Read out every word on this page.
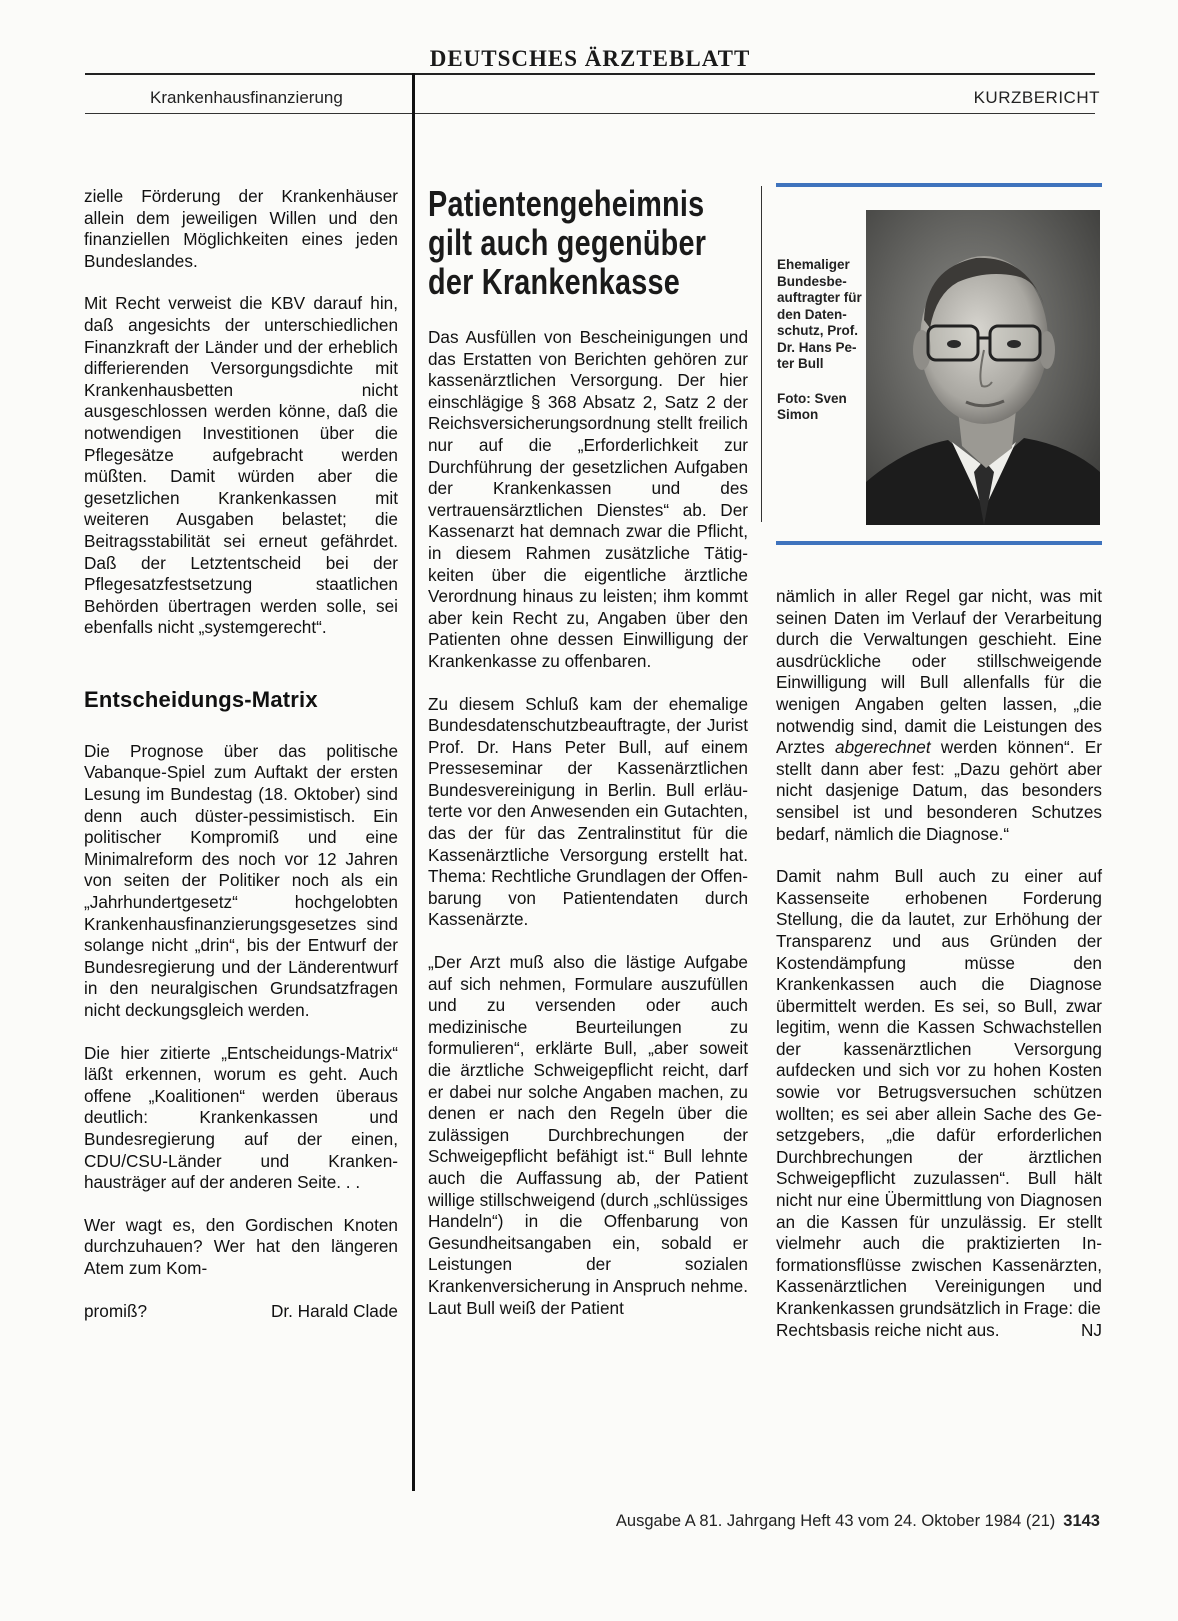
DEUTSCHES ÄRZTEBLATT
Krankenhausfinanzierung	KURZBERICHT

zielle Förderung der Krankenhäuser allein dem jeweiligen Willen und den finanziellen Möglichkeiten eines jeden Bundeslandes.

Mit Recht verweist die KBV darauf hin, daß angesichts der unterschiedlichen Finanzkraft der Länder und der erheblich differierenden Versorgungsdichte mit Krankenhausbetten nicht ausgeschlossen werden könne, daß die notwendigen Investitionen über die Pflegesätze aufgebracht werden müßten. Damit würden aber die gesetzlichen Krankenkassen mit weiteren Ausgaben belastet; die Beitragsstabilität sei erneut gefährdet. Daß der Letztentscheid bei der Pflegesatzfestsetzung staatlichen Behörden übertragen werden solle, sei ebenfalls nicht „systemgerecht“.

Entscheidungs-Matrix

Die Prognose über das politische Vabanque-Spiel zum Auftakt der ersten Lesung im Bundestag (18. Oktober) sind denn auch düster-pessimistisch. Ein politischer Kompromiß und eine Minimalreform des noch vor 12 Jahren von seiten der Politiker noch als ein „Jahrhundertgesetz“ hochgelobten Krankenhausfinanzierungsgesetzes sind solange nicht „drin“, bis der Entwurf der Bundesregierung und der Länderentwurf in den neuralgischen Grundsatzfragen nicht deckungsgleich werden.

Die hier zitierte „Entscheidungs-Matrix“ läßt erkennen, worum es geht. Auch offene „Koalitionen“ werden überaus deutlich: Krankenkassen und Bundesregierung auf der einen, CDU/CSU-Länder und Krankenhausträger auf der anderen Seite. . .

Wer wagt es, den Gordischen Knoten durchzuhauen? Wer hat den längeren Atem zum Kom-

promiß?	Dr. Harald Clade

Patientengeheimnis gilt auch gegenüber der Krankenkasse

Das Ausfüllen von Bescheinigungen und das Erstatten von Berichten gehören zur kassenärztlichen Versorgung. Der hier einschlägige § 368 Absatz 2, Satz 2 der Reichsversicherungsordnung stellt freilich nur auf die „Erforderlichkeit zur Durchführung der gesetzlichen Aufgaben der Krankenkassen und des vertrauensärztlichen Dienstes“ ab. Der Kassenarzt hat demnach zwar die Pflicht, in diesem Rahmen zusätzliche Tätigkeiten über die eigentliche ärztliche Verordnung hinaus zu leisten; ihm kommt aber kein Recht zu, Angaben über den Patienten ohne dessen Einwilligung der Krankenkasse zu offenbaren.

Zu diesem Schluß kam der ehemalige Bundesdatenschutzbeauftragte, der Jurist Prof. Dr. Hans Peter Bull, auf einem Presseseminar der Kassenärztlichen Bundesvereinigung in Berlin. Bull erläuterte vor den Anwesenden ein Gutachten, das der für das Zentralinstitut für die Kassenärztliche Versorgung erstellt hat. Thema: Rechtliche Grundlagen der Offenbarung von Patientendaten durch Kassenärzte.

„Der Arzt muß also die lästige Aufgabe auf sich nehmen, Formulare auszufüllen und zu versenden oder auch medizinische Beurteilungen zu formulieren“, erklärte Bull, „aber soweit die ärztliche Schweigepflicht reicht, darf er dabei nur solche Angaben machen, zu denen er nach den Regeln über die zulässigen Durchbrechungen der Schweigepflicht befähigt ist.“ Bull lehnte auch die Auffassung ab, der Patient willige stillschweigend (durch „schlüssiges Handeln“) in die Offenbarung von Gesundheitsangaben ein, sobald er Leistungen der sozialen Krankenversicherung in Anspruch nehme. Laut Bull weiß der Patient

Ehemaliger Bundesbeauftragter für den Datenschutz, Prof. Dr. Hans Peter Bull
Foto: Sven Simon

nämlich in aller Regel gar nicht, was mit seinen Daten im Verlauf der Verarbeitung durch die Verwaltungen geschieht. Eine ausdrückliche oder stillschweigende Einwilligung will Bull allenfalls für die wenigen Angaben gelten lassen, „die notwendig sind, damit die Leistungen des Arztes abgerechnet werden können“. Er stellt dann aber fest: „Dazu gehört aber nicht dasjenige Datum, das besonders sensibel ist und besonderen Schutzes bedarf, nämlich die Diagnose.“

Damit nahm Bull auch zu einer auf Kassenseite erhobenen Forderung Stellung, die da lautet, zur Erhöhung der Transparenz und aus Gründen der Kostendämpfung müsse den Krankenkassen auch die Diagnose übermittelt werden. Es sei, so Bull, zwar legitim, wenn die Kassen Schwachstellen der kassenärztlichen Versorgung aufdecken und sich vor zu hohen Kosten sowie vor Betrugsversuchen schützen wollten; es sei aber allein Sache des Gesetzgebers, „die dafür erforderlichen Durchbrechungen der ärztlichen Schweigepflicht zuzulassen“. Bull hält nicht nur eine Übermittlung von Diagnosen an die Kassen für unzulässig. Er stellt vielmehr auch die praktizierten Informationsflüsse zwischen Kassenärzten, Kassenärztlichen Vereinigungen und Krankenkassen grundsätzlich in Frage: die

Rechtsbasis reiche nicht aus.	NJ

Ausgabe A 81. Jahrgang Heft 43 vom 24. Oktober 1984 (21) 3143
